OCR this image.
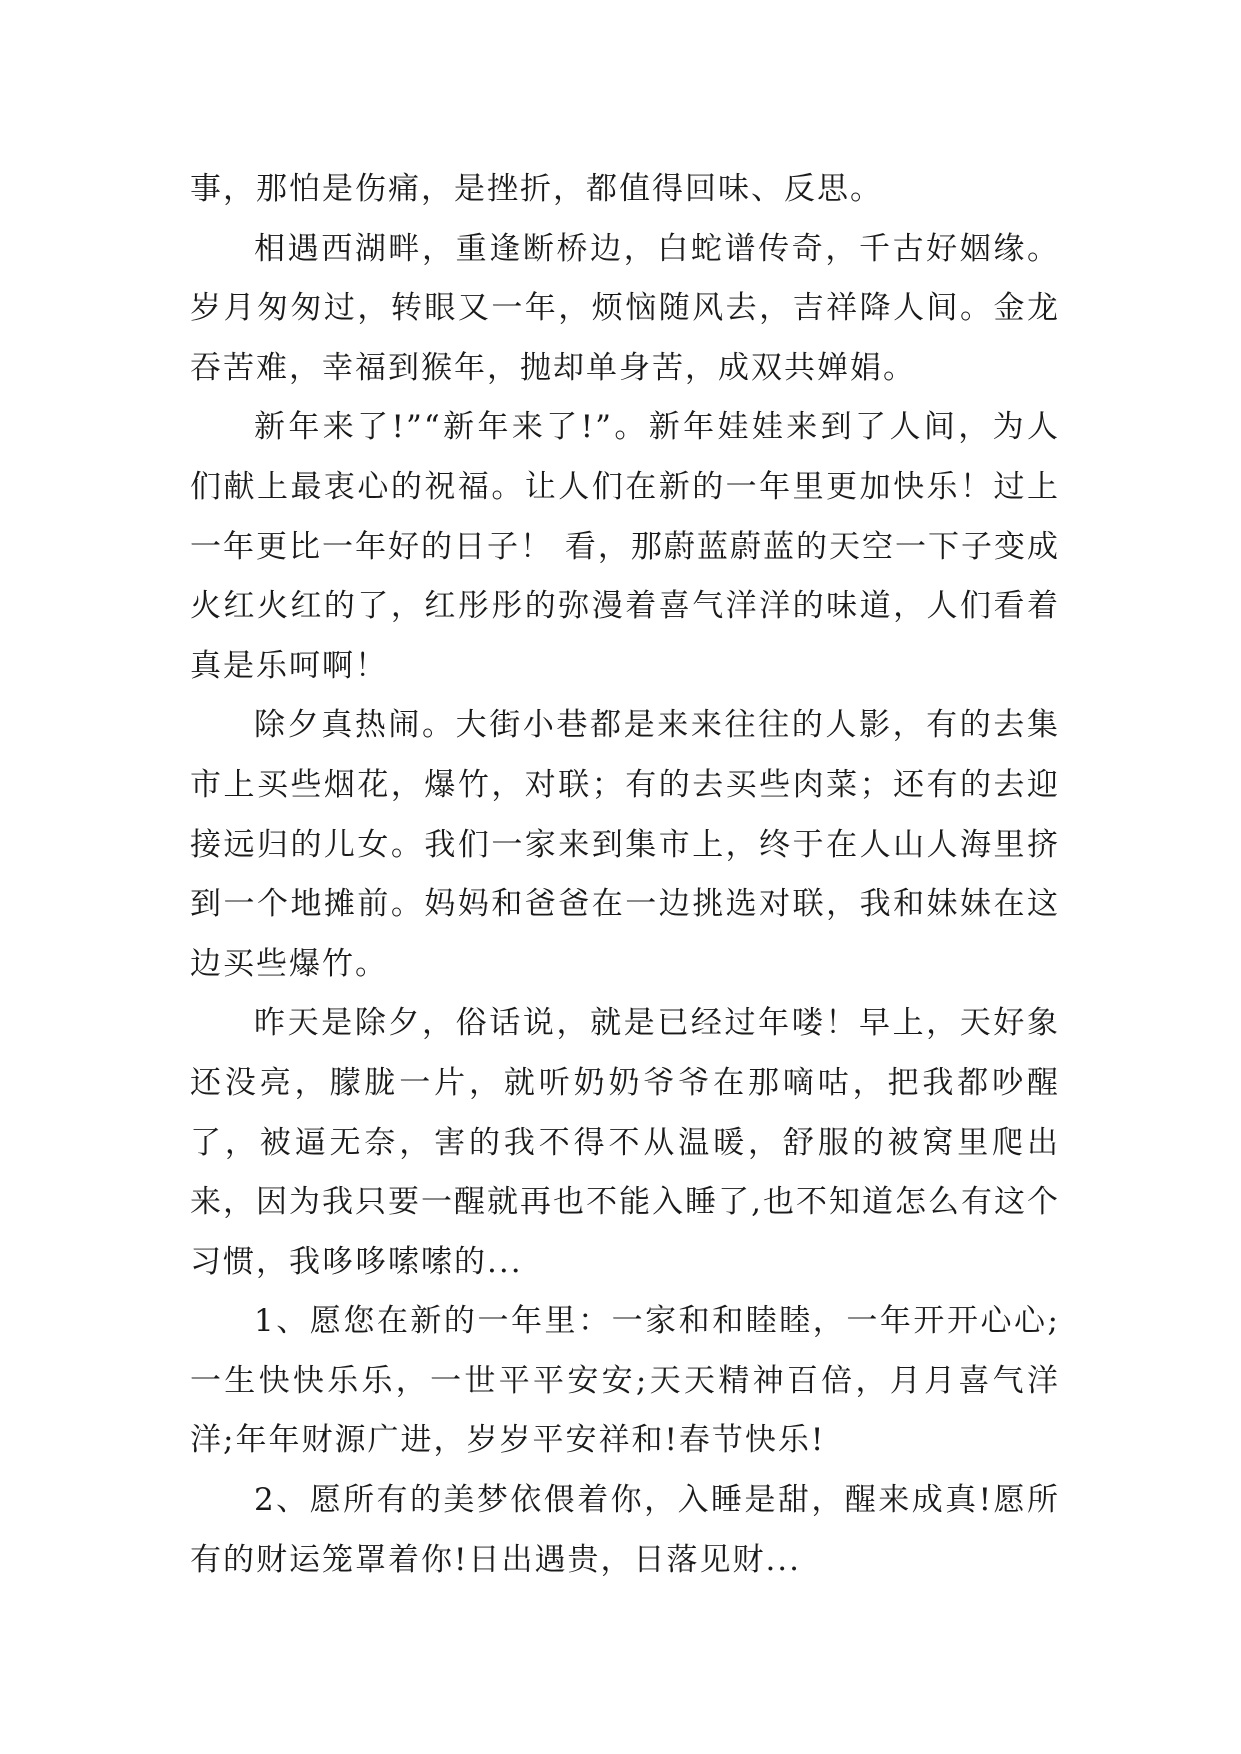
事，那怕是伤痛，是挫折，都值得回味、反思。

相遇西湖畔，重逢断桥边，白蛇谱传奇，千古好姻缘。岁月匆匆过，转眼又一年，烦恼随风去，吉祥降人间。金龙吞苦难，幸福到猴年，抛却单身苦，成双共婵娟。

新年来了!”“新年来了!”。新年娃娃来到了人间，为人们献上最衷心的祝福。让人们在新的一年里更加快乐！过上一年更比一年好的日子！ 看，那蔚蓝蔚蓝的天空一下子变成火红火红的了，红彤彤的弥漫着喜气洋洋的味道，人们看着真是乐呵啊！

除夕真热闹。大街小巷都是来来往往的人影，有的去集市上买些烟花，爆竹，对联；有的去买些肉菜；还有的去迎接远归的儿女。我们一家来到集市上，终于在人山人海里挤到一个地摊前。妈妈和爸爸在一边挑选对联，我和妹妹在这边买些爆竹。

昨天是除夕，俗话说，就是已经过年喽！早上，天好象还没亮，朦胧一片，就听奶奶爷爷在那嘀咕，把我都吵醒了，被逼无奈，害的我不得不从温暖，舒服的被窝里爬出来，因为我只要一醒就再也不能入睡了,也不知道怎么有这个习惯，我哆哆嗦嗦的...

1、愿您在新的一年里：一家和和睦睦，一年开开心心;一生快快乐乐，一世平平安安;天天精神百倍，月月喜气洋洋;年年财源广进，岁岁平安祥和!春节快乐!

2、愿所有的美梦依偎着你，入睡是甜，醒来成真!愿所有的财运笼罩着你!日出遇贵，日落见财...
